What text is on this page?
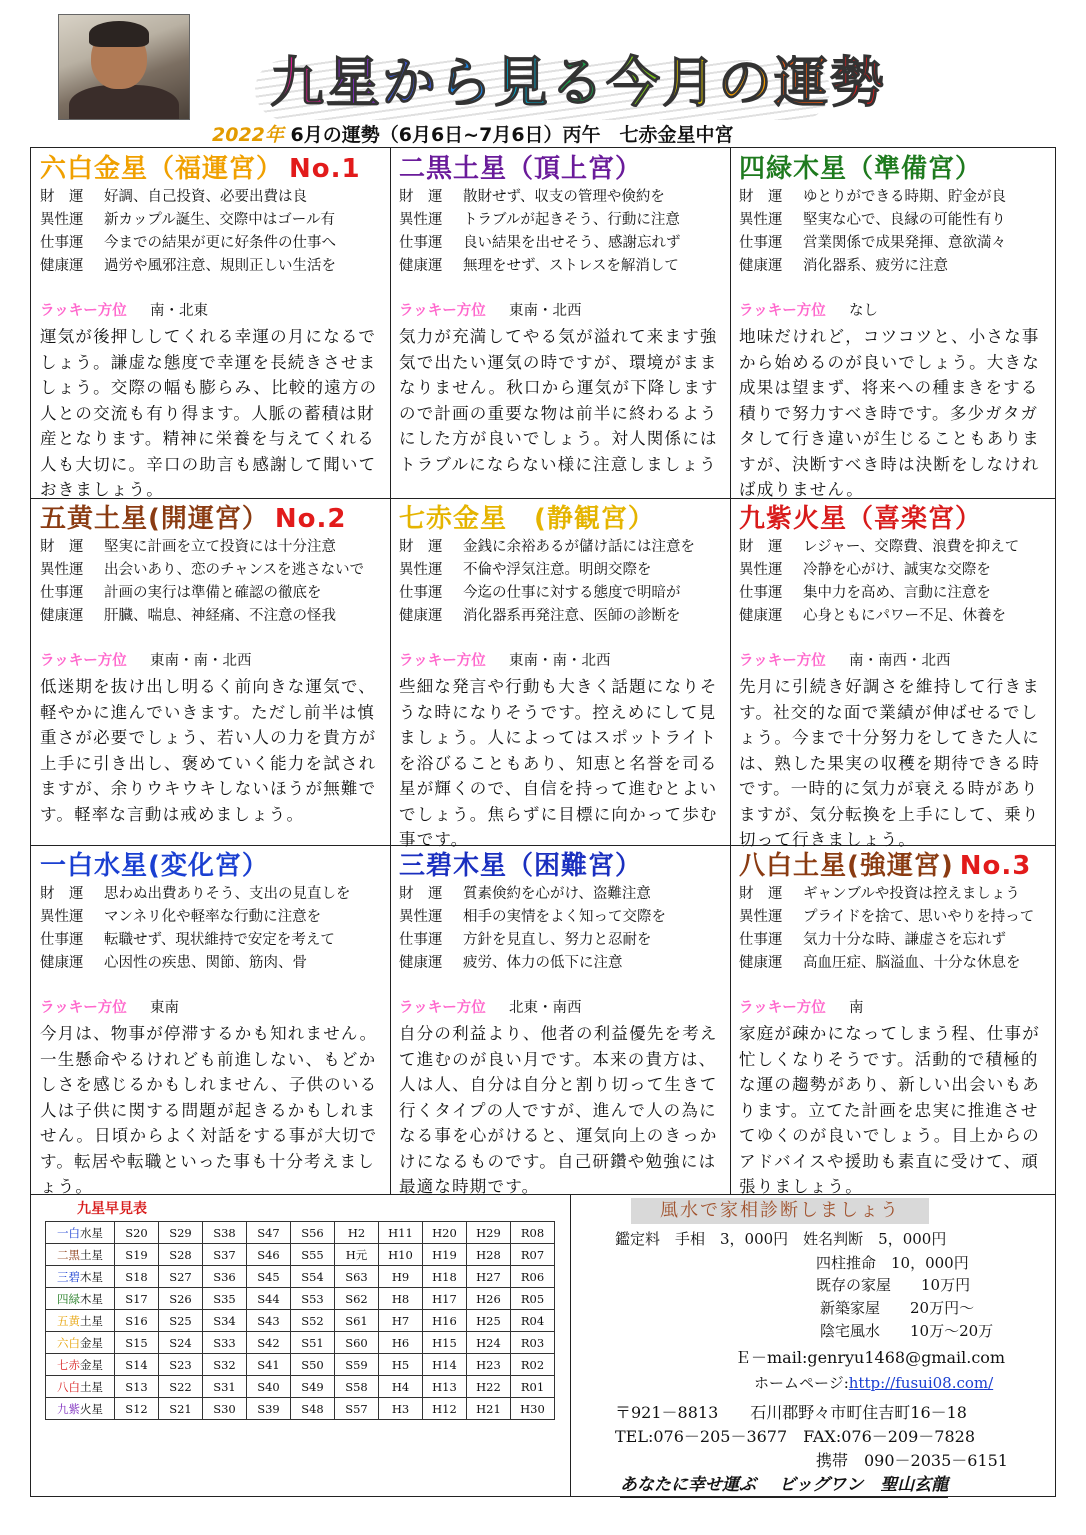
九星から見る今月の運勢
2022年 6月の運勢（6月6日~7月6日）丙午　七赤金星中宮
六白金星（福運宮） No.1
財　運 好調、自己投資、必要出費は良
異性運 新カップル誕生、交際中はゴール有
仕事運 今までの結果が更に好条件の仕事へ
健康運 過労や風邪注意、規則正しい生活を
ラッキー方位 南・北東
運気が後押ししてくれる幸運の月になるでしょう。謙虚な態度で幸運を長続きさせましょう。交際の幅も膨らみ、比較的遠方の人との交流も有り得ます。人脈の蓄積は財産となります。精神に栄養を与えてくれる人も大切に。辛口の助言も感謝して聞いておきましょう。
二黒土星（頂上宮）
財　運 散財せず、収支の管理や倹約を
異性運 トラブルが起きそう、行動に注意
仕事運 良い結果を出せそう、感謝忘れず
健康運 無理をせず、ストレスを解消して
ラッキー方位 東南・北西
気力が充満してやる気が溢れて来ます強気で出たい運気の時ですが、環境がままなりません。秋口から運気が下降しますので計画の重要な物は前半に終わるようにした方が良いでしょう。対人関係にはトラブルにならない様に注意しましょう
四緑木星（準備宮）
財　運 ゆとりができる時期、貯金が良
異性運 堅実な心で、良縁の可能性有り
仕事運 営業関係で成果発揮、意欲満々
健康運 消化器系、疲労に注意
ラッキー方位 なし
地味だけれど，コツコツと、小さな事から始めるのが良いでしょう。大きな成果は望まず、将来への種まきをする積りで努力すべき時です。多少ガタガタして行き違いが生じることもありますが、決断すべき時は決断をしなければ成りません。
五黄土星(開運宮） No.2
財　運 堅実に計画を立て投資には十分注意
異性運 出会いあり、恋のチャンスを逃さないで
仕事運 計画の実行は準備と確認の徹底を
健康運 肝臓、喘息、神経痛、不注意の怪我
ラッキー方位 東南・南・北西
低迷期を抜け出し明るく前向きな運気で、軽やかに進んでいきます。ただし前半は慎重さが必要でしょう、若い人の力を貴方が上手に引き出し、褒めていく能力を試されますが、余りウキウキしないほうが無難です。軽率な言動は戒めましょう。
七赤金星　(静観宮）
財　運 金銭に余裕あるが儲け話には注意を
異性運 不倫や浮気注意。明朗交際を
仕事運 今迄の仕事に対する態度で明暗が
健康運 消化器系再発注意、医師の診断を
ラッキー方位 東南・南・北西
些細な発言や行動も大きく話題になりそうな時になりそうです。控えめにして見ましょう。人によってはスポットライトを浴びることもあり、知恵と名誉を司る星が輝くので、自信を持って進むとよいでしょう。焦らずに目標に向かって歩む事です。
九紫火星（喜楽宮）
財　運 レジャー、交際費、浪費を抑えて
異性運 冷静を心がけ、誠実な交際を
仕事運 集中力を高め、言動に注意を
健康運 心身ともにパワー不足、休養を
ラッキー方位 南・南西・北西
先月に引続き好調さを維持して行きます。社交的な面で業績が伸ばせるでしょう。今まで十分努力をしてきた人には、熟した果実の収穫を期待できる時です。一時的に気力が衰える時がありますが、気分転換を上手にして、乗り切って行きましょう。
一白水星(変化宮）
財　運 思わぬ出費ありそう、支出の見直しを
異性運 マンネリ化や軽率な行動に注意を
仕事運 転職せず、現状維持で安定を考えて
健康運 心因性の疾患、関節、筋肉、骨
ラッキー方位 東南
今月は、物事が停滞するかも知れません。一生懸命やるけれども前進しない、もどかしさを感じるかもしれません、子供のいる人は子供に関する問題が起きるかもしれません。日頃からよく対話をする事が大切です。転居や転職といった事も十分考えましょう。
三碧木星（困難宮）
財　運 質素倹約を心がけ、盗難注意
異性運 相手の実情をよく知って交際を
仕事運 方針を見直し、努力と忍耐を
健康運 疲労、体力の低下に注意
ラッキー方位 北東・南西
自分の利益より、他者の利益優先を考えて進むのが良い月です。本来の貴方は、人は人、自分は自分と割り切って生きて行くタイプの人ですが、進んで人の為になる事を心がけると、運気向上のきっかけになるものです。自己研鑽や勉強には最適な時期です。
八白土星(強運宮) No.3
財　運 ギャンブルや投資は控えましょう
異性運 プライドを捨て、思いやりを持って
仕事運 気力十分な時、謙虚さを忘れず
健康運 高血圧症、脳溢血、十分な休息を
ラッキー方位 南
家庭が疎かになってしまう程、仕事が忙しくなりそうです。活動的で積極的な運の趨勢があり、新しい出会いもあります。立てた計画を忠実に推進させてゆくのが良いでしょう。目上からのアドバイスや援助も素直に受けて、頑張りましょう。
九星早見表
一白水星	S20	S29	S38	S47	S56	H2	H11	H20	H29	R08
二黒土星	S19	S28	S37	S46	S55	H元	H10	H19	H28	R07
三碧木星	S18	S27	S36	S45	S54	S63	H9	H18	H27	R06
四緑木星	S17	S26	S35	S44	S53	S62	H8	H17	H26	R05
五黄土星	S16	S25	S34	S43	S52	S61	H7	H16	H25	R04
六白金星	S15	S24	S33	S42	S51	S60	H6	H15	H24	R03
七赤金星	S14	S23	S32	S41	S50	S59	H5	H14	H23	R02
八白土星	S13	S22	S31	S40	S49	S58	H4	H13	H22	R01
九紫火星	S12	S21	S30	S39	S48	S57	H3	H12	H21	H30
風水で家相診断しましょう
鑑定料　手相　3，000円　姓名判断　5，000円
四柱推命　10，000円
既存の家屋　　10万円
新築家屋　　20万円〜
陰宅風水　　10万〜20万
Ｅ－mail:genryu1468@gmail.com
ホームページ:http://fusui08.com/
〒921－8813　　石川郡野々市町住吉町16－18
TEL:076－205－3677　FAX:076－209－7828
携帯　090－2035－6151
あなたに幸せ運ぶ　 ビッグワン　聖山玄龍
